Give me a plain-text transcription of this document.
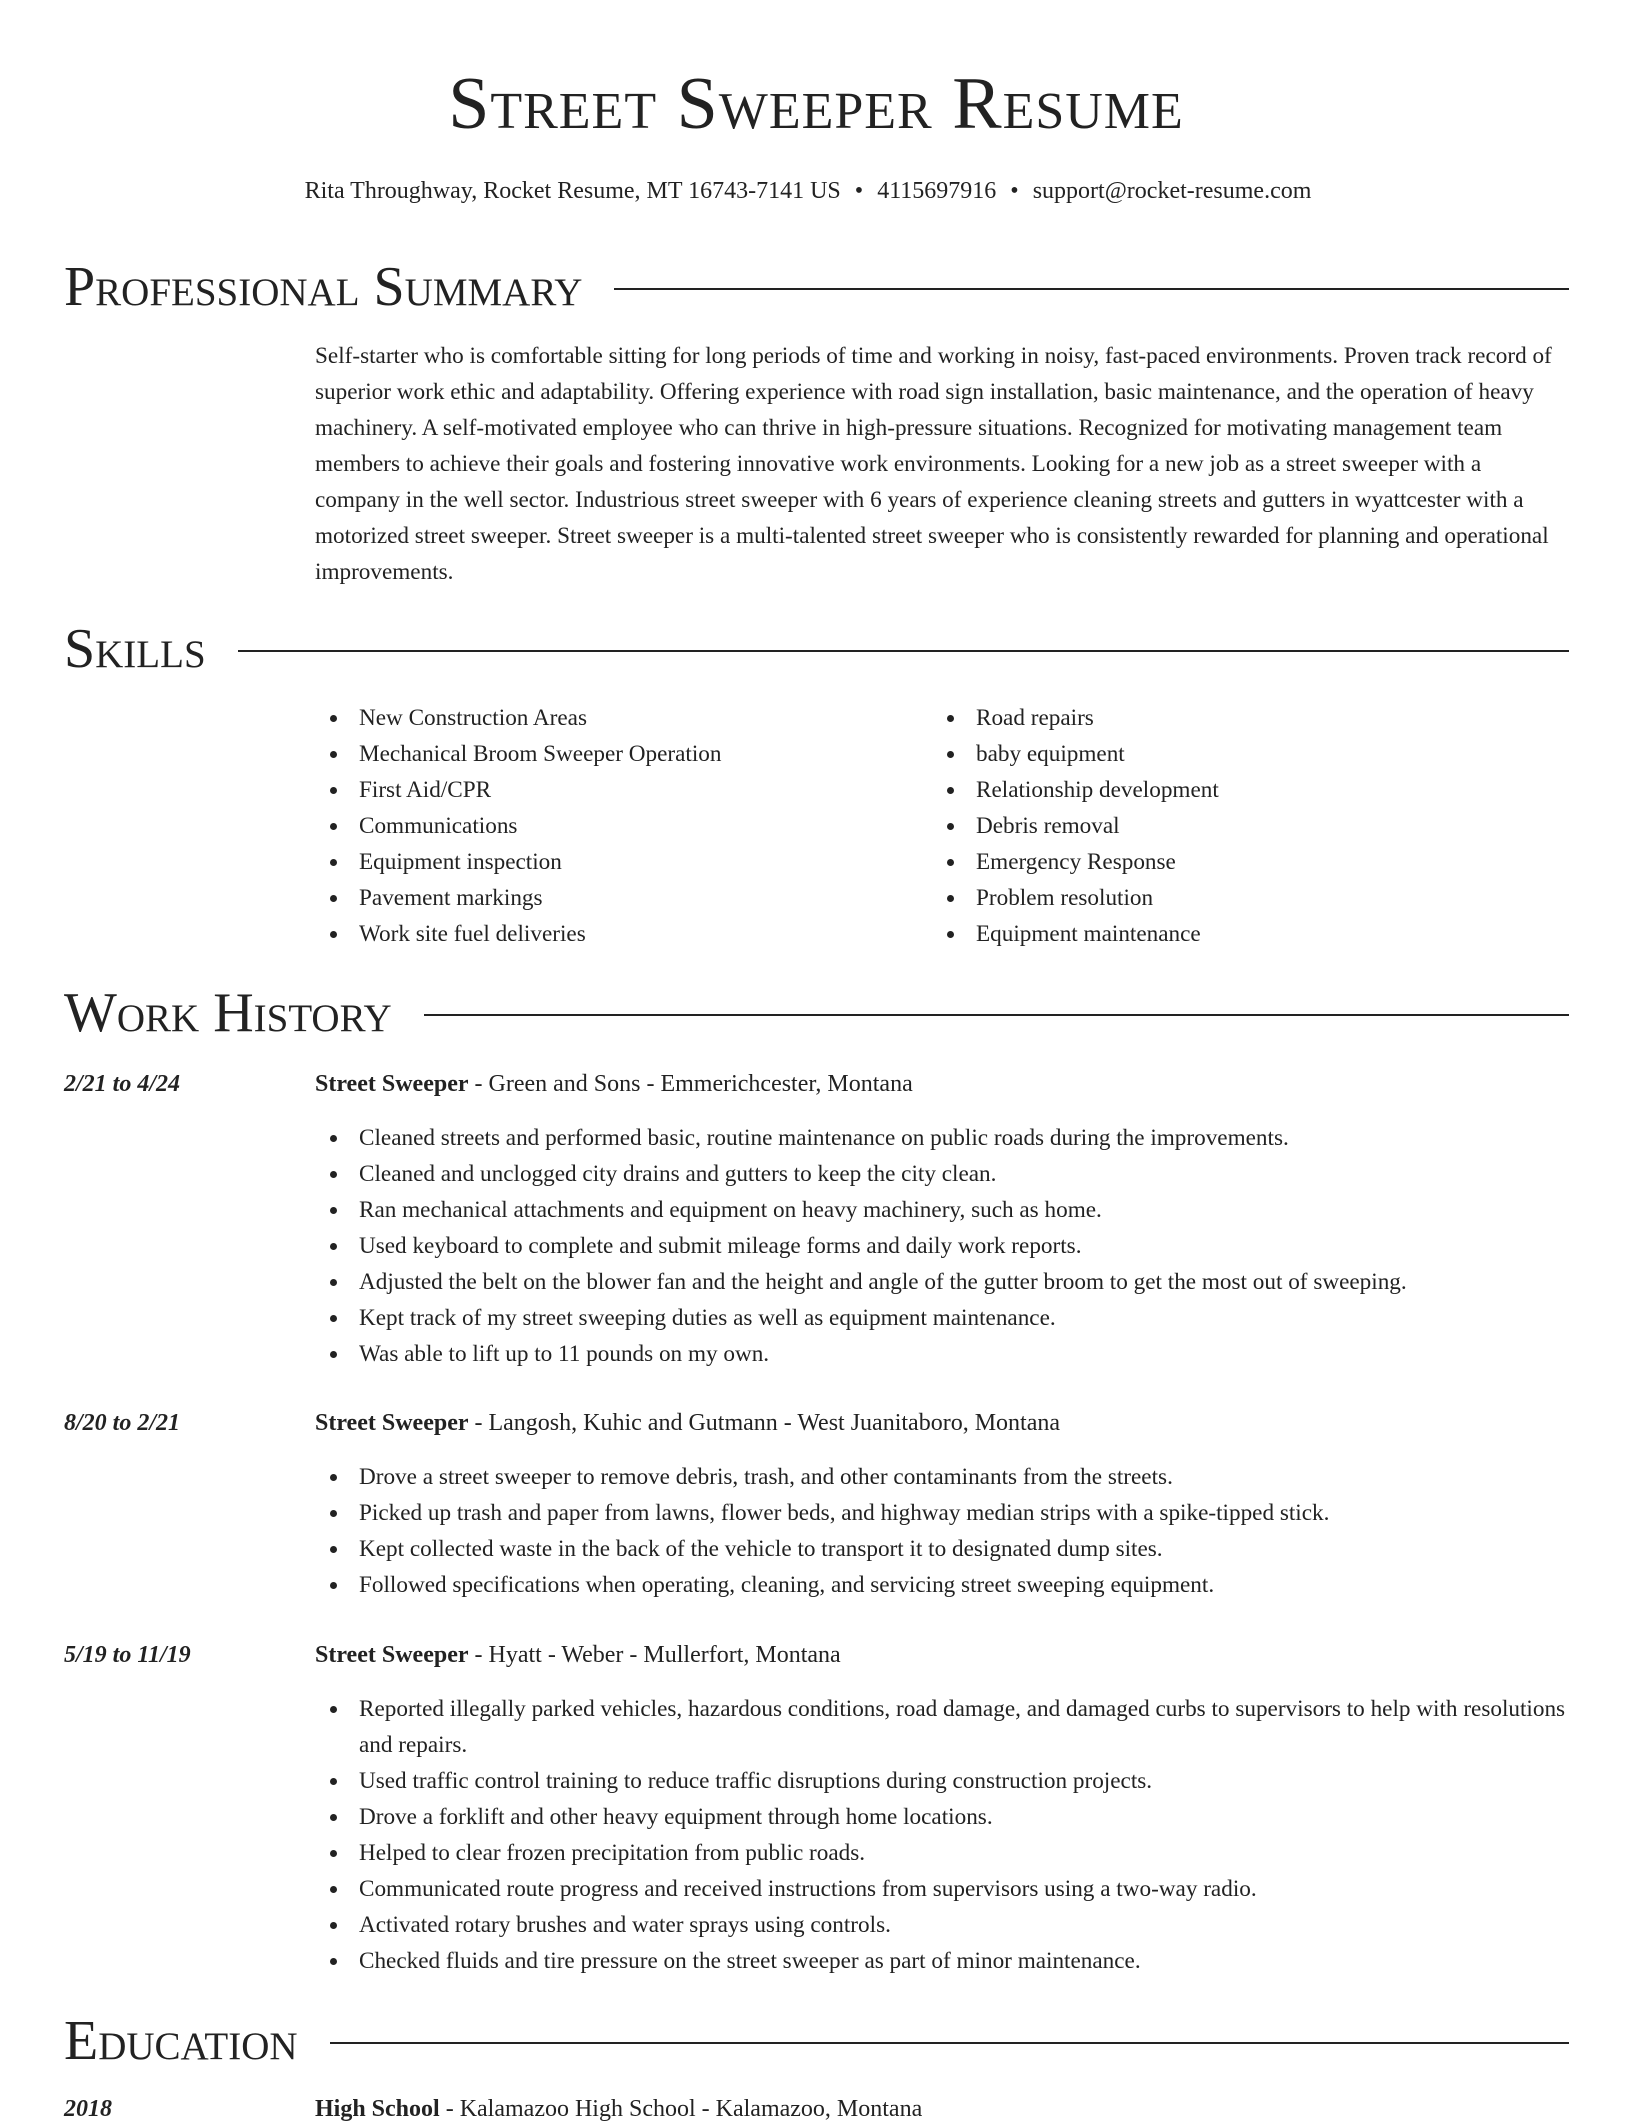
Street Sweeper Resume
Rita Throughway, Rocket Resume, MT 16743-7141 US • 4115697916 • support@rocket-resume.com
Professional Summary

Self-starter who is comfortable sitting for long periods of time and working in noisy, fast-paced environments. Proven track record of superior work ethic and adaptability. Offering experience with road sign installation, basic maintenance, and the operation of heavy machinery. A self-motivated employee who can thrive in high-pressure situations. Recognized for motivating management team members to achieve their goals and fostering innovative work environments. Looking for a new job as a street sweeper with a company in the well sector. Industrious street sweeper with 6 years of experience cleaning streets and gutters in wyattcester with a motorized street sweeper. Street sweeper is a multi-talented street sweeper who is consistently rewarded for planning and operational improvements.

Skills
New Construction Areas
Mechanical Broom Sweeper Operation
First Aid/CPR
Communications
Equipment inspection
Pavement markings
Work site fuel deliveries
Road repairs
baby equipment
Relationship development
Debris removal
Emergency Response
Problem resolution
Equipment maintenance
Work History
2/21 to 4/24	Street Sweeper - Green and Sons - Emmerichcester, Montana
Cleaned streets and performed basic, routine maintenance on public roads during the improvements.
Cleaned and unclogged city drains and gutters to keep the city clean.
Ran mechanical attachments and equipment on heavy machinery, such as home.
Used keyboard to complete and submit mileage forms and daily work reports.
Adjusted the belt on the blower fan and the height and angle of the gutter broom to get the most out of sweeping.
Kept track of my street sweeping duties as well as equipment maintenance.
Was able to lift up to 11 pounds on my own.
8/20 to 2/21	Street Sweeper - Langosh, Kuhic and Gutmann - West Juanitaboro, Montana
Drove a street sweeper to remove debris, trash, and other contaminants from the streets.
Picked up trash and paper from lawns, flower beds, and highway median strips with a spike-tipped stick.
Kept collected waste in the back of the vehicle to transport it to designated dump sites.
Followed specifications when operating, cleaning, and servicing street sweeping equipment.
5/19 to 11/19	Street Sweeper - Hyatt - Weber - Mullerfort, Montana
Reported illegally parked vehicles, hazardous conditions, road damage, and damaged curbs to supervisors to help with resolutions and repairs.
Used traffic control training to reduce traffic disruptions during construction projects.
Drove a forklift and other heavy equipment through home locations.
Helped to clear frozen precipitation from public roads.
Communicated route progress and received instructions from supervisors using a two-way radio.
Activated rotary brushes and water sprays using controls.
Checked fluids and tire pressure on the street sweeper as part of minor maintenance.
Education
2018	High School - Kalamazoo High School - Kalamazoo, Montana
